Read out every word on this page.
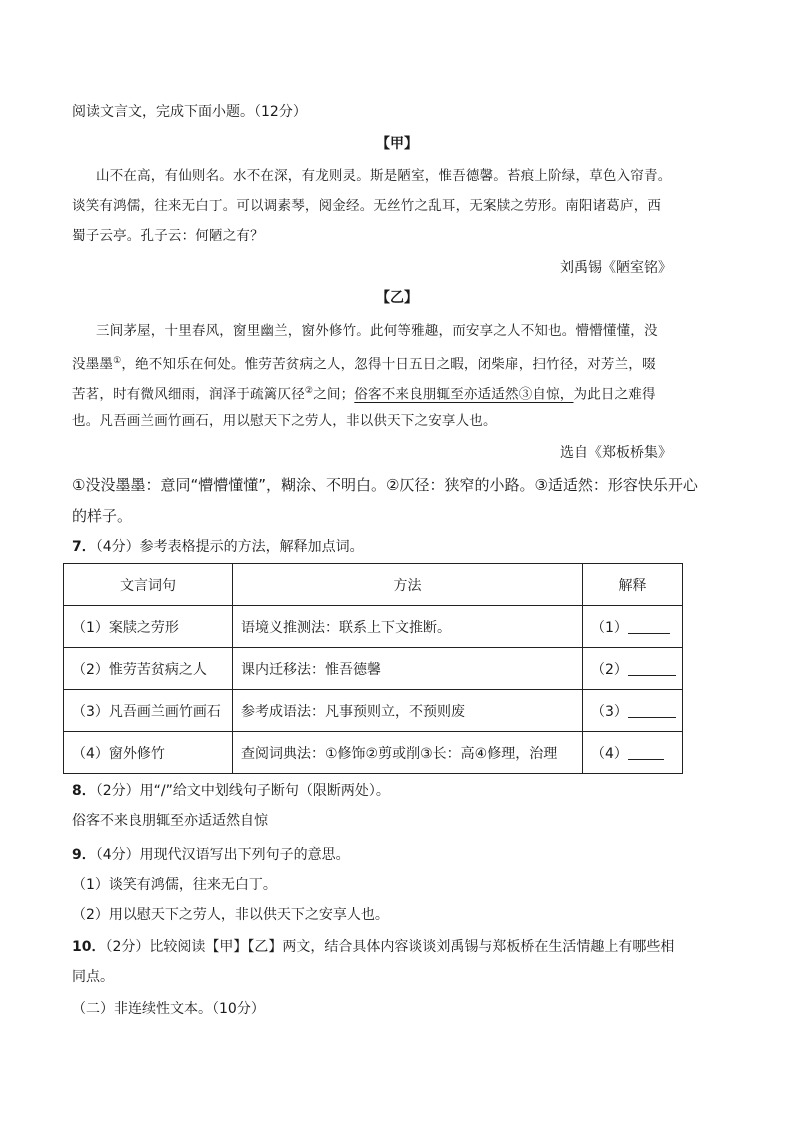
阅读文言文，完成下面小题。（12分）
【甲】
山不在高，有仙则名。水不在深，有龙则灵。斯是陋室，惟吾德馨。苔痕上阶绿，草色入帘青。
谈笑有鸿儒，往来无白丁。可以调素琴，阅金经。无丝竹之乱耳，无案牍之劳形。南阳诸葛庐，西
蜀子云亭。孔子云：何陋之有？
刘禹锡《陋室铭》
【乙】
三间茅屋，十里春风，窗里幽兰，窗外修竹。此何等雅趣，而安享之人不知也。懵懵懂懂，没
没墨墨①，绝不知乐在何处。惟劳苦贫病之人，忽得十日五日之暇，闭柴扉，扫竹径，对芳兰，啜
苦茗，时有微风细雨，润泽于疏篱仄径②之间；俗客不来良朋辄至亦适适然③自惊，为此日之难得
也。凡吾画兰画竹画石，用以慰天下之劳人，非以供天下之安享人也。
选自《郑板桥集》
①没没墨墨：意同“懵懵懂懂”，糊涂、不明白。②仄径：狭窄的小路。③适适然：形容快乐开心
的样子。
7．（4分）参考表格提示的方法，解释加点词。
文言词句	方法	解释
（1）案牍之劳形	语境义推测法：联系上下文推断。	（1）
（2）惟劳苦贫病之人	课内迁移法：惟吾德馨	（2）
（3）凡吾画兰画竹画石	参考成语法：凡事预则立，不预则废	（3）
（4）窗外修竹	查阅词典法：①修饰②剪或削③长：高④修理，治理	（4）
8．（2分）用“/”给文中划线句子断句（限断两处）。
俗客不来良朋辄至亦适适然自惊
9．（4分）用现代汉语写出下列句子的意思。
（1）谈笑有鸿儒，往来无白丁。
（2）用以慰天下之劳人，非以供天下之安享人也。
10．（2分）比较阅读【甲】【乙】两文，结合具体内容谈谈刘禹锡与郑板桥在生活情趣上有哪些相
同点。
（二）非连续性文本。（10分）
